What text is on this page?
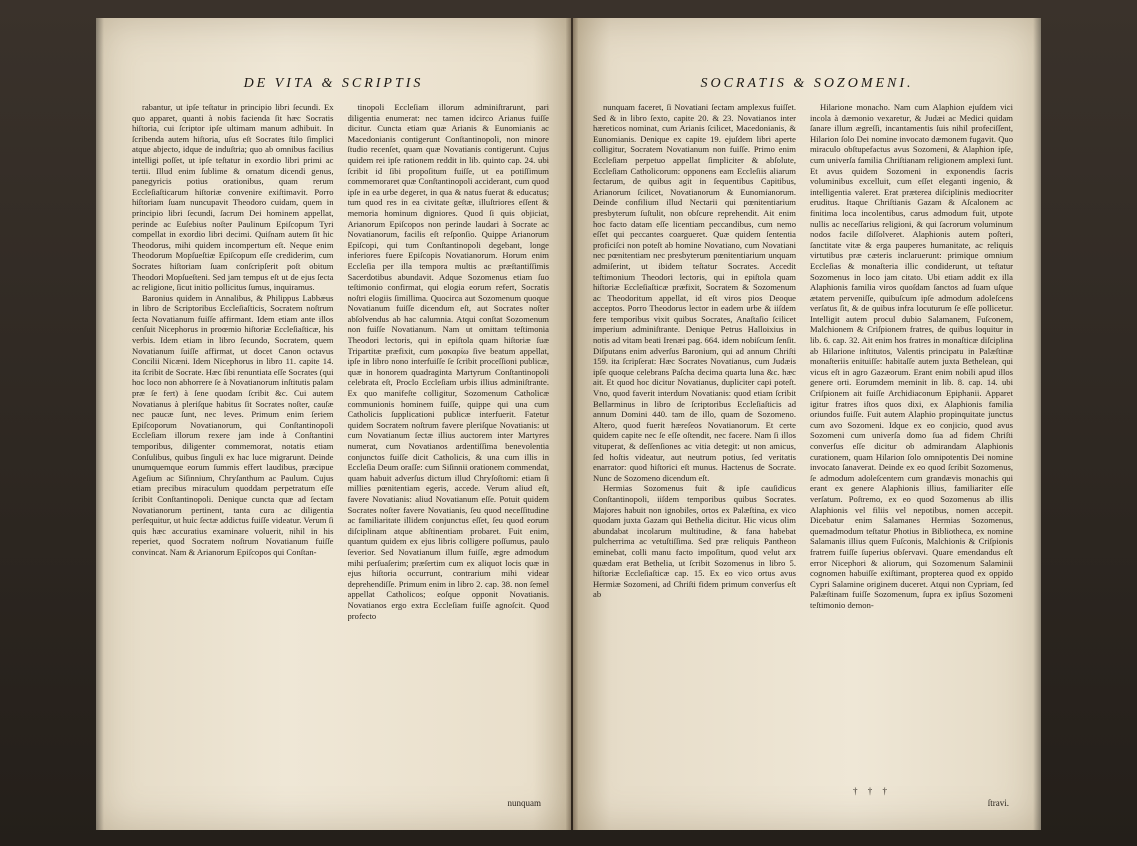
DE VITA & SCRIPTIS

rabantur, ut ipſe teſtatur in principio libri ſecundi. Ex quo apparet, quanti à nobis facienda ſit hæc Socratis hiſtoria, cui ſcriptor ipſe ultimam manum adhibuit. In ſcribenda autem hiſtoria, uſus eſt Socrates ſtilo ſimplici atque abjecto, idque de induſtria; quo ab omnibus facilius intelligi poſſet, ut ipſe teſtatur in exordio libri primi ac tertii. Illud enim ſublime & ornatum dicendi genus, panegyricis potius orationibus, quam rerum Eccleſiaſticarum hiſtoriæ convenire exiſtimavit. Porro hiſtoriam ſuam nuncupavit Theodoro cuidam, quem in principio libri ſecundi, ſacrum Dei hominem appellat, perinde ac Euſebius noſter Paulinum Epiſcopum Tyri compellat in exordio libri decimi. Quiſnam autem ſit hic Theodorus, mihi quidem incompertum eſt. Neque enim Theodorum Mopſueſtiæ Epiſcopum eſſe crediderim, cum Socrates hiſtoriam ſuam conſcripſerit poſt obitum Theodori Mopſueſteni. Sed jam tempus eſt ut de ejus ſecta ac religione, ſicut initio pollicitus ſumus, inquiramus.

Baronius quidem in Annalibus, & Philippus Labbæus in libro de Scriptoribus Eccleſiaſticis, Socratem noſtrum ſecta Novatianum fuiſſe affirmant. Idem etiam ante illos cenſuit Nicephorus in proœmio hiſtoriæ Eccleſiaſticæ, his verbis. Idem etiam in libro ſecundo, Socratem, quem Novatianum ſuiſſe affirmat, ut docet Canon octavus Concilii Nicæni. Idem Nicephorus in libro 11. capite 14. ita ſcribit de Socrate. Hæc ſibi renuntiata eſſe Socrates (qui hoc loco non abhorrere ſe à Novatianorum inſtitutis palam præ ſe fert) à ſene quodam ſcribit &c. Cui autem Novatianus à pleriſque habitus ſit Socrates noſter, cauſæ nec paucæ ſunt, nec leves. Primum enim ſeriem Epiſcoporum Novatianorum, qui Conſtantinopoli Eccleſiam illorum rexere jam inde à Conſtantini temporibus, diligenter commemorat, notatis etiam Conſulibus, quibus ſinguli ex hac luce migrarunt. Deinde unumquemque eorum ſummis effert laudibus, præcipue Ageſium ac Siſinnium, Chryſanthum ac Paulum. Cujus etiam precibus miraculum quoddam perpetratum eſſe ſcribit Conſtantinopoli. Denique cuncta quæ ad ſectam Novatianorum pertinent, tanta cura ac diligentia perſequitur, ut huic ſectæ addictus fuiſſe videatur. Verum ſi quis hæc accuratius examinare voluerit, nihil in his reperiet, quod Socratem noſtrum Novatianum fuiſſe convincat. Nam & Arianorum Epiſcopos qui Conſtan-

tinopoli Eccleſiam illorum adminiſtrarunt, pari diligentia enumerat: nec tamen idcirco Arianus fuiſſe dicitur. Cuncta etiam quæ Arianis & Eunomianis ac Macedonianis contigerunt Conſtantinopoli, non minore ſtudio recenſet, quam quæ Novatianis contigerunt. Cujus quidem rei ipſe rationem reddit in lib. quinto cap. 24. ubi ſcribit id ſibi propoſitum fuiſſe, ut ea potiſſimum commemoraret quæ Conſtantinopoli acciderant, cum quod ipſe in ea urbe degeret, in qua & natus fuerat & educatus; tum quod res in ea civitate geſtæ, illuſtriores eſſent & memoria hominum digniores. Quod ſi quis objiciat, Arianorum Epiſcopos non perinde laudari à Socrate ac Novatianorum, facilis eſt reſponſio. Quippe Arianorum Epiſcopi, qui tum Conſtantinopoli degebant, longe inferiores fuere Epiſcopis Novatianorum. Horum enim Eccleſia per illa tempora multis ac præſtantiſſimis Sacerdotibus abundavit. Adque Sozomenus etiam ſuo teſtimonio confirmat, qui elogia eorum refert, Socratis noſtri elogiis ſimillima. Quocirca aut Sozomenum quoque Novatianum fuiſſe dicendum eſt, aut Socrates noſter abſolvendus ab hac calumnia. Atqui conſtat Sozomenum non fuiſſe Novatianum. Nam ut omittam teſtimonia Theodori lectoris, qui in epiſtola quam hiſtoriæ ſuæ Tripartitæ præfixit, cum μακαρίω ſive beatum appellat, ipſe in libro nono interfuiſſe ſe ſcribit proceſſioni publicæ, quæ in honorem quadraginta Martyrum Conſtantinopoli celebrata eſt, Proclo Eccleſiam urbis illius adminiſtrante. Ex quo manifeſte colligitur, Sozomenum Catholicæ communionis hominem fuiſſe, quippe qui una cum Catholicis ſupplicationi publicæ interfuerit. Fatetur quidem Socratem noſtrum favere pleriſque Novatianis: ut cum Novatianum ſectæ illius auctorem inter Martyres numerat, cum Novatianos ardentiſſima benevolentia conjunctos fuiſſe dicit Catholicis, & una cum illis in Eccleſia Deum oraſſe: cum Siſinnii orationem commendat, quam habuit adverſus dictum illud Chryſoſtomi: etiam ſi millies pœnitentiam egeris, accede. Verum aliud eſt, favere Novatianis: aliud Novatianum eſſe. Potuit quidem Socrates noſter favere Novatianis, ſeu quod neceſſitudine ac familiaritate illidem conjunctus eſſet, ſeu quod eorum diſciplinam atque abſtinentiam probaret. Fuit enim, quantum quidem ex ejus libris colligere poſſumus, paulo ſeverior. Sed Novatianum illum fuiſſe, ægre admodum mihi perſuaſerim; præſertim cum ex aliquot locis quæ in ejus hiſtoria occurrunt, contrarium mihi videar deprehendiſſe. Primum enim in libro 2. cap. 38. non ſemel appellat Catholicos; eoſque opponit Novatianis. Novatianos ergo extra Eccleſiam fuiſſe agnoſcit. Quod profecto

nunquam
SOCRATIS & SOZOMENI.

nunquam faceret, ſi Novatiani ſectam amplexus fuiſſet. Sed & in libro ſexto, capite 20. & 23. Novatianos inter hæreticos nominat, cum Arianis ſcilicet, Macedonianis, & Eunomianis. Denique ex capite 19. ejuſdem libri aperte colligitur, Socratem Novatianum non fuiſſe. Primo enim Eccleſiam perpetuo appellat ſimpliciter & abſolute, Eccleſiam Catholicorum: opponens eam Eccleſiis aliarum ſectarum, de quibus agit in ſequentibus Capitibus, Arianorum ſcilicet, Novatianorum & Eunomianorum. Deinde confilium illud Nectarii qui pœnitentiarium presbyterum ſuſtulit, non obſcure reprehendit. Ait enim hoc facto datam eſſe licentiam peccandibus, cum nemo eſſet qui peccantes coargueret. Quæ quidem ſententia proficiſci non poteſt ab homine Novatiano, cum Novatiani nec pœnitentiam nec presbyterum pœnitentiarium unquam admiſerint, ut ibidem teſtatur Socrates. Accedit teſtimonium Theodori lectoris, qui in epiſtola quam hiſtoriæ Eccleſiaſticæ præfixit, Socratem & Sozomenum ac Theodoritum appellat, id eſt viros pios Deoque acceptos. Porro Theodorus lector in eadem urbe & iiſdem fere temporibus vixit quibus Socrates, Anaſtaſio ſcilicet imperium adminiſtrante. Denique Petrus Halloixius in notis ad vitam beati Irenæi pag. 664. idem nobiſcum ſenſit. Diſputans enim adverſus Baronium, qui ad annum Chriſti 159. ita ſcripſerat: Hæc Socrates Novatianus, cum Judæis ipſe quoque celebrans Paſcha decima quarta luna &c. hæc ait. Et quod hoc dicitur Novatianus, dupliciter capi poteſt. Vno, quod faverit interdum Novatianis: quod etiam ſcribit Bellarminus in libro de ſcriptoribus Eccleſiaſticis ad annum Domini 440. tam de illo, quam de Sozomeno. Altero, quod fuerit hæreſeos Novatianorum. Et certe quidem capite nec ſe eſſe oſtendit, nec facere. Nam ſi illos vituperat, & deſſenſiones ac vitia detegit: ut non amicus, ſed hoſtis videatur, aut neutrum potius, ſed veritatis enarrator: quod hiſtorici eſt munus. Hactenus de Socrate. Nunc de Sozomeno dicendum eſt.

Hermias Sozomenus fuit & ipſe cauſidicus Conſtantinopoli, iiſdem temporibus quibus Socrates. Majores habuit non ignobiles, ortos ex Palæſtina, ex vico quodam juxta Gazam qui Bethelia dicitur. Hic vicus olim abundabat incolarum multitudine, & fana habebat pulcherrima ac vetuſtiſſima. Sed præ reliquis Pantheon eminebat, colli manu facto impoſitum, quod velut arx quædam erat Bethelia, ut ſcribit Sozomenus in libro 5. hiſtoriæ Eccleſiaſticæ cap. 15. Ex eo vico ortus avus Hermiæ Sozomeni, ad Chriſti fidem primum converſus eſt ab

Hilarione monacho. Nam cum Alaphion ejuſdem vici incola à dæmonio vexaretur, & Judæi ac Medici quidam ſanare illum ægreſſi, incantamentis ſuis nihil profeciſſent, Hilarion ſolo Dei nomine invocato dæmonem fugavit. Quo miraculo obſtupefactus avus Sozomeni, & Alaphion ipſe, cum univerſa familia Chriſtianam religionem amplexi ſunt. Et avus quidem Sozomeni in exponendis ſacris voluminibus excelluit, cum eſſet eleganti ingenio, & intelligentia valeret. Erat præterea diſciplinis mediocriter eruditus. Itaque Chriſtianis Gazam & Aſcalonem ac finitima loca incolentibus, carus admodum fuit, utpote nullis ac neceſſarius religioni, & qui ſacrorum voluminum nodos facile diſſolveret. Alaphionis autem poſteri, ſanctitate vitæ & erga pauperes humanitate, ac reliquis virtutibus præ cæteris inclaruerunt: primique omnium Eccleſias & monaſteria illic condiderunt, ut teſtatur Sozomenus in loco jam citato. Ubi etiam addit ex illa Alaphionis familia viros quoſdam ſanctos ad ſuam uſque ætatem perveniſſe, quibuſcum ipſe admodum adoleſcens verſatus ſit, & de quibus infra locuturum ſe eſſe pollicetur. Intelligit autem procul dubio Salamanem, Fuſconem, Malchionem & Criſpionem fratres, de quibus loquitur in lib. 6. cap. 32. Ait enim hos fratres in monaſticæ diſciplina ab Hilarione inſtitutos, Valentis principatu in Palæſtinæ monaſteriis enituiſſe: habitaſſe autem juxta Bethelean, qui vicus eſt in agro Gazæorum. Erant enim nobili apud illos genere orti. Eorumdem meminit in lib. 8. cap. 14. ubi Criſpionem ait fuiſſe Archidiaconum Epiphanii. Apparet igitur fratres iſtos quos dixi, ex Alaphionis familia oriundos fuiſſe. Fuit autem Alaphio propinquitate junctus cum avo Sozomeni. Idque ex eo conjicio, quod avus Sozomeni cum univerſa domo ſua ad fidem Chriſti converſus eſſe dicitur ob admirandam Alaphionis curationem, quam Hilarion ſolo omnipotentis Dei nomine invocato ſanaverat. Deinde ex eo quod ſcribit Sozomenus, ſe admodum adoleſcentem cum grandævis monachis qui erant ex genere Alaphionis illius, familiariter eſſe verſatum. Poſtremo, ex eo quod Sozomenus ab illis Alaphionis vel filiis vel nepotibus, nomen accepit. Dicebatur enim Salamanes Hermias Sozomenus, quemadmodum teſtatur Photius in Bibliotheca, ex nomine Salamanis illius quem Fuſconis, Malchionis & Criſpionis fratrem fuiſſe ſuperius obſervavi. Quare emendandus eſt error Nicephori & aliorum, qui Sozomenum Salaminii cognomen habuiſſe exiſtimant, propterea quod ex oppido Cypri Salamine originem duceret. Atqui non Cypriam, ſed Palæſtinam fuiſſe Sozomenum, ſupra ex ipſius Sozomeni teſtimonio demon-

† † †
ſtravi.
